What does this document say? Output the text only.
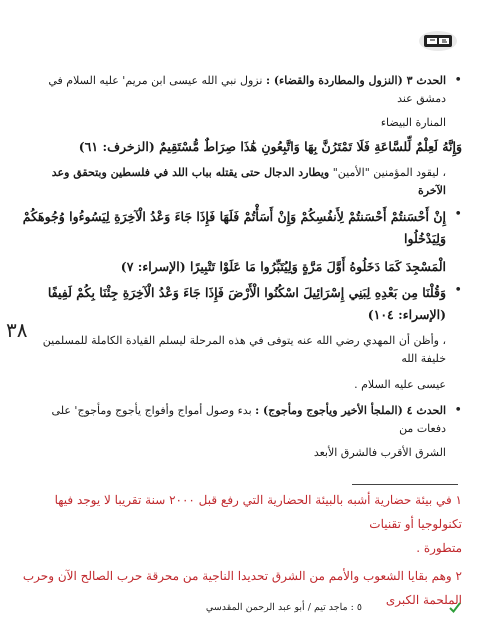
٣٨

• الحدث ٣ (النزول والمطاردة والقضاء) : نزول نبي الله عيسى ابن مريم' عليه السلام في دمشق عند

المنارة البيضاء

وَإِنَّهُ لَعِلْمٌ لِّلسَّاعَةِ فَلَا تَمْتَرُنَّ بِهَا وَاتَّبِعُونِ هَٰذَا صِرَاطٌ مُّسْتَقِيمٌ (الزخرف: ٦١)

، ليقود المؤمنين "الأمين" ويطارد الدجال حتى يقتله بباب اللد في فلسطين وبتحقق وعد الآخرة

• إِنْ أَحْسَنتُمْ أَحْسَنتُمْ لِأَنفُسِكُمْ وَإِنْ أَسَأْتُمْ فَلَهَا فَإِذَا جَاءَ وَعْدُ الْآخِرَةِ لِيَسُوءُوا وُجُوهَكُمْ وَلِيَدْخُلُوا

الْمَسْجِدَ كَمَا دَخَلُوهُ أَوَّلَ مَرَّةٍ وَلِيُتَبِّرُوا مَا عَلَوْا تَتْبِيرًا (الإسراء: ٧)

• وَقُلْنَا مِن بَعْدِهِ لِبَنِي إِسْرَائِيلَ اسْكُنُوا الْأَرْضَ فَإِذَا جَاءَ وَعْدُ الْآخِرَةِ جِئْنَا بِكُمْ لَفِيفًا (الإسراء: ١٠٤)

، وأظن أن المهدي رضي الله عنه يتوفى في هذه المرحلة ليسلم القيادة الكاملة للمسلمين خليفة الله

عيسى عليه السلام .

• الحدث ٤ (الملجأ الأخير ويأجوج ومأجوج) : بدء وصول أمواج وأفواج يأجوج ومأجوج' على دفعات من

الشرق الأقرب فالشرق الأبعد

١ في بيئة حضارية أشبه بالبيئة الحضارية التي رفع قبل ٢٠٠٠ سنة تقريبا لا يوجد فيها تكنولوجيا أو تقنيات

متطورة .

٢ وهم بقايا الشعوب والأمم من الشرق تحديدا الناجية من محرقة حرب الصالح الآن وحرب الملحمة الكبرى

٥ : ماجد تيم / أبو عبد الرحمن المقدسي
